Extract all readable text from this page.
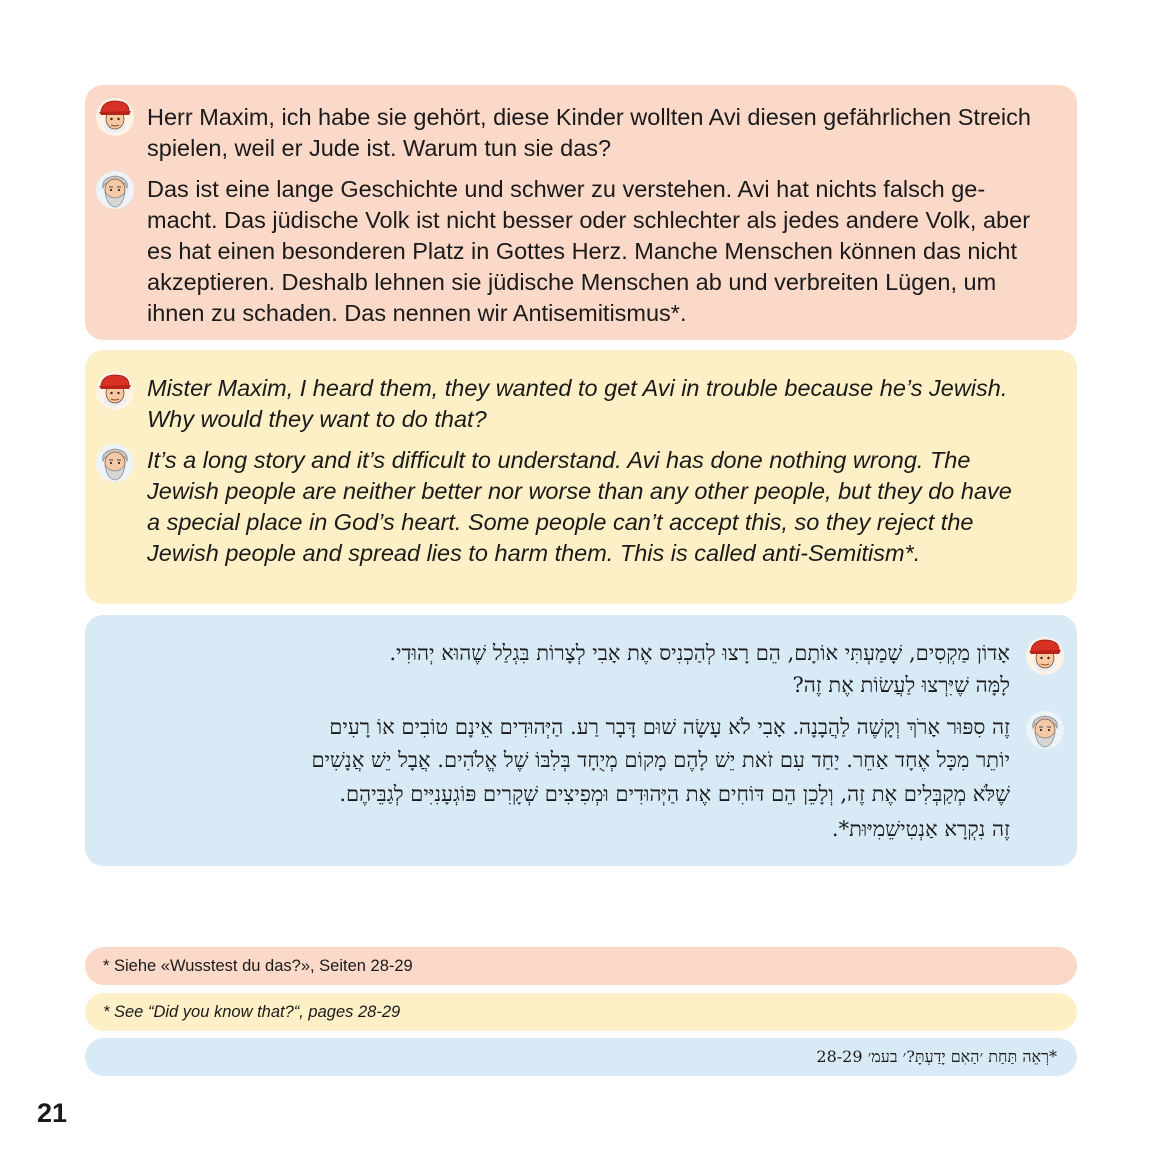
Herr Maxim, ich habe sie gehört, diese Kinder wollten Avi diesen gefährlichen Streich
spielen, weil er Jude ist. Warum tun sie das?
Das ist eine lange Geschichte und schwer zu verstehen. Avi hat nichts falsch ge-
macht. Das jüdische Volk ist nicht besser oder schlechter als jedes andere Volk, aber
es hat einen besonderen Platz in Gottes Herz. Manche Menschen können das nicht
akzeptieren. Deshalb lehnen sie jüdische Menschen ab und verbreiten Lügen, um
ihnen zu schaden. Das nennen wir Antisemitismus*.
Mister Maxim, I heard them, they wanted to get Avi in trouble because he’s Jewish.
Why would they want to do that?
It’s a long story and it’s difficult to understand. Avi has done nothing wrong. The
Jewish people are neither better nor worse than any other people, but they do have
a special place in God’s heart. Some people can’t accept this, so they reject the
Jewish people and spread lies to harm them. This is called anti-Semitism*.
אָדוֹן מַקְסִים, שָׁמַעְתִּי אוֹתָם, הֵם רָצוּ לְהַכְנִיס אֶת אָבִי לְצָרוֹת בִּגְלַל שֶׁהוּא יְהוּדִי.
לָמָּה שֶׁיִּרְצוּ לַעֲשׂוֹת אֶת זֶה?
זֶה סִפּוּר אָרֹךְ וְקָשֶׁה לַהֲבָנָה. אָבִי לֹא עָשָׂה שׁוּם דָּבָר רַע. הַיְּהוּדִים אֵינָם טוֹבִים אוֹ רָעִים
יוֹתֵר מִכָּל אֶחָד אַחֵר. יַחַד עִם זֹאת יֵשׁ לָהֶם מָקוֹם מְיֻחָד בְּלִבּוֹ שֶׁל אֱלֹהִים. אֲבָל יֵשׁ אֲנָשִׁים
שֶׁלֹּא מְקַבְּלִים אֶת זֶה, וְלָכֵן הֵם דּוֹחִים אֶת הַיְּהוּדִים וּמְפִיצִים שְׁקָרִים פּוֹגְעָנִיִּים לְגַבֵּיהֶם.
זֶה נִקְרָא אַנְטִישֵׁמִיּוּת*.
* Siehe «Wusstest du das?», Seiten 28-29
* See “Did you know that?“, pages 28-29
*רְאֵה תַּחַת ׳הַאִם יָדַעְתָּ?׳ בעמ׳ 28-29
21
